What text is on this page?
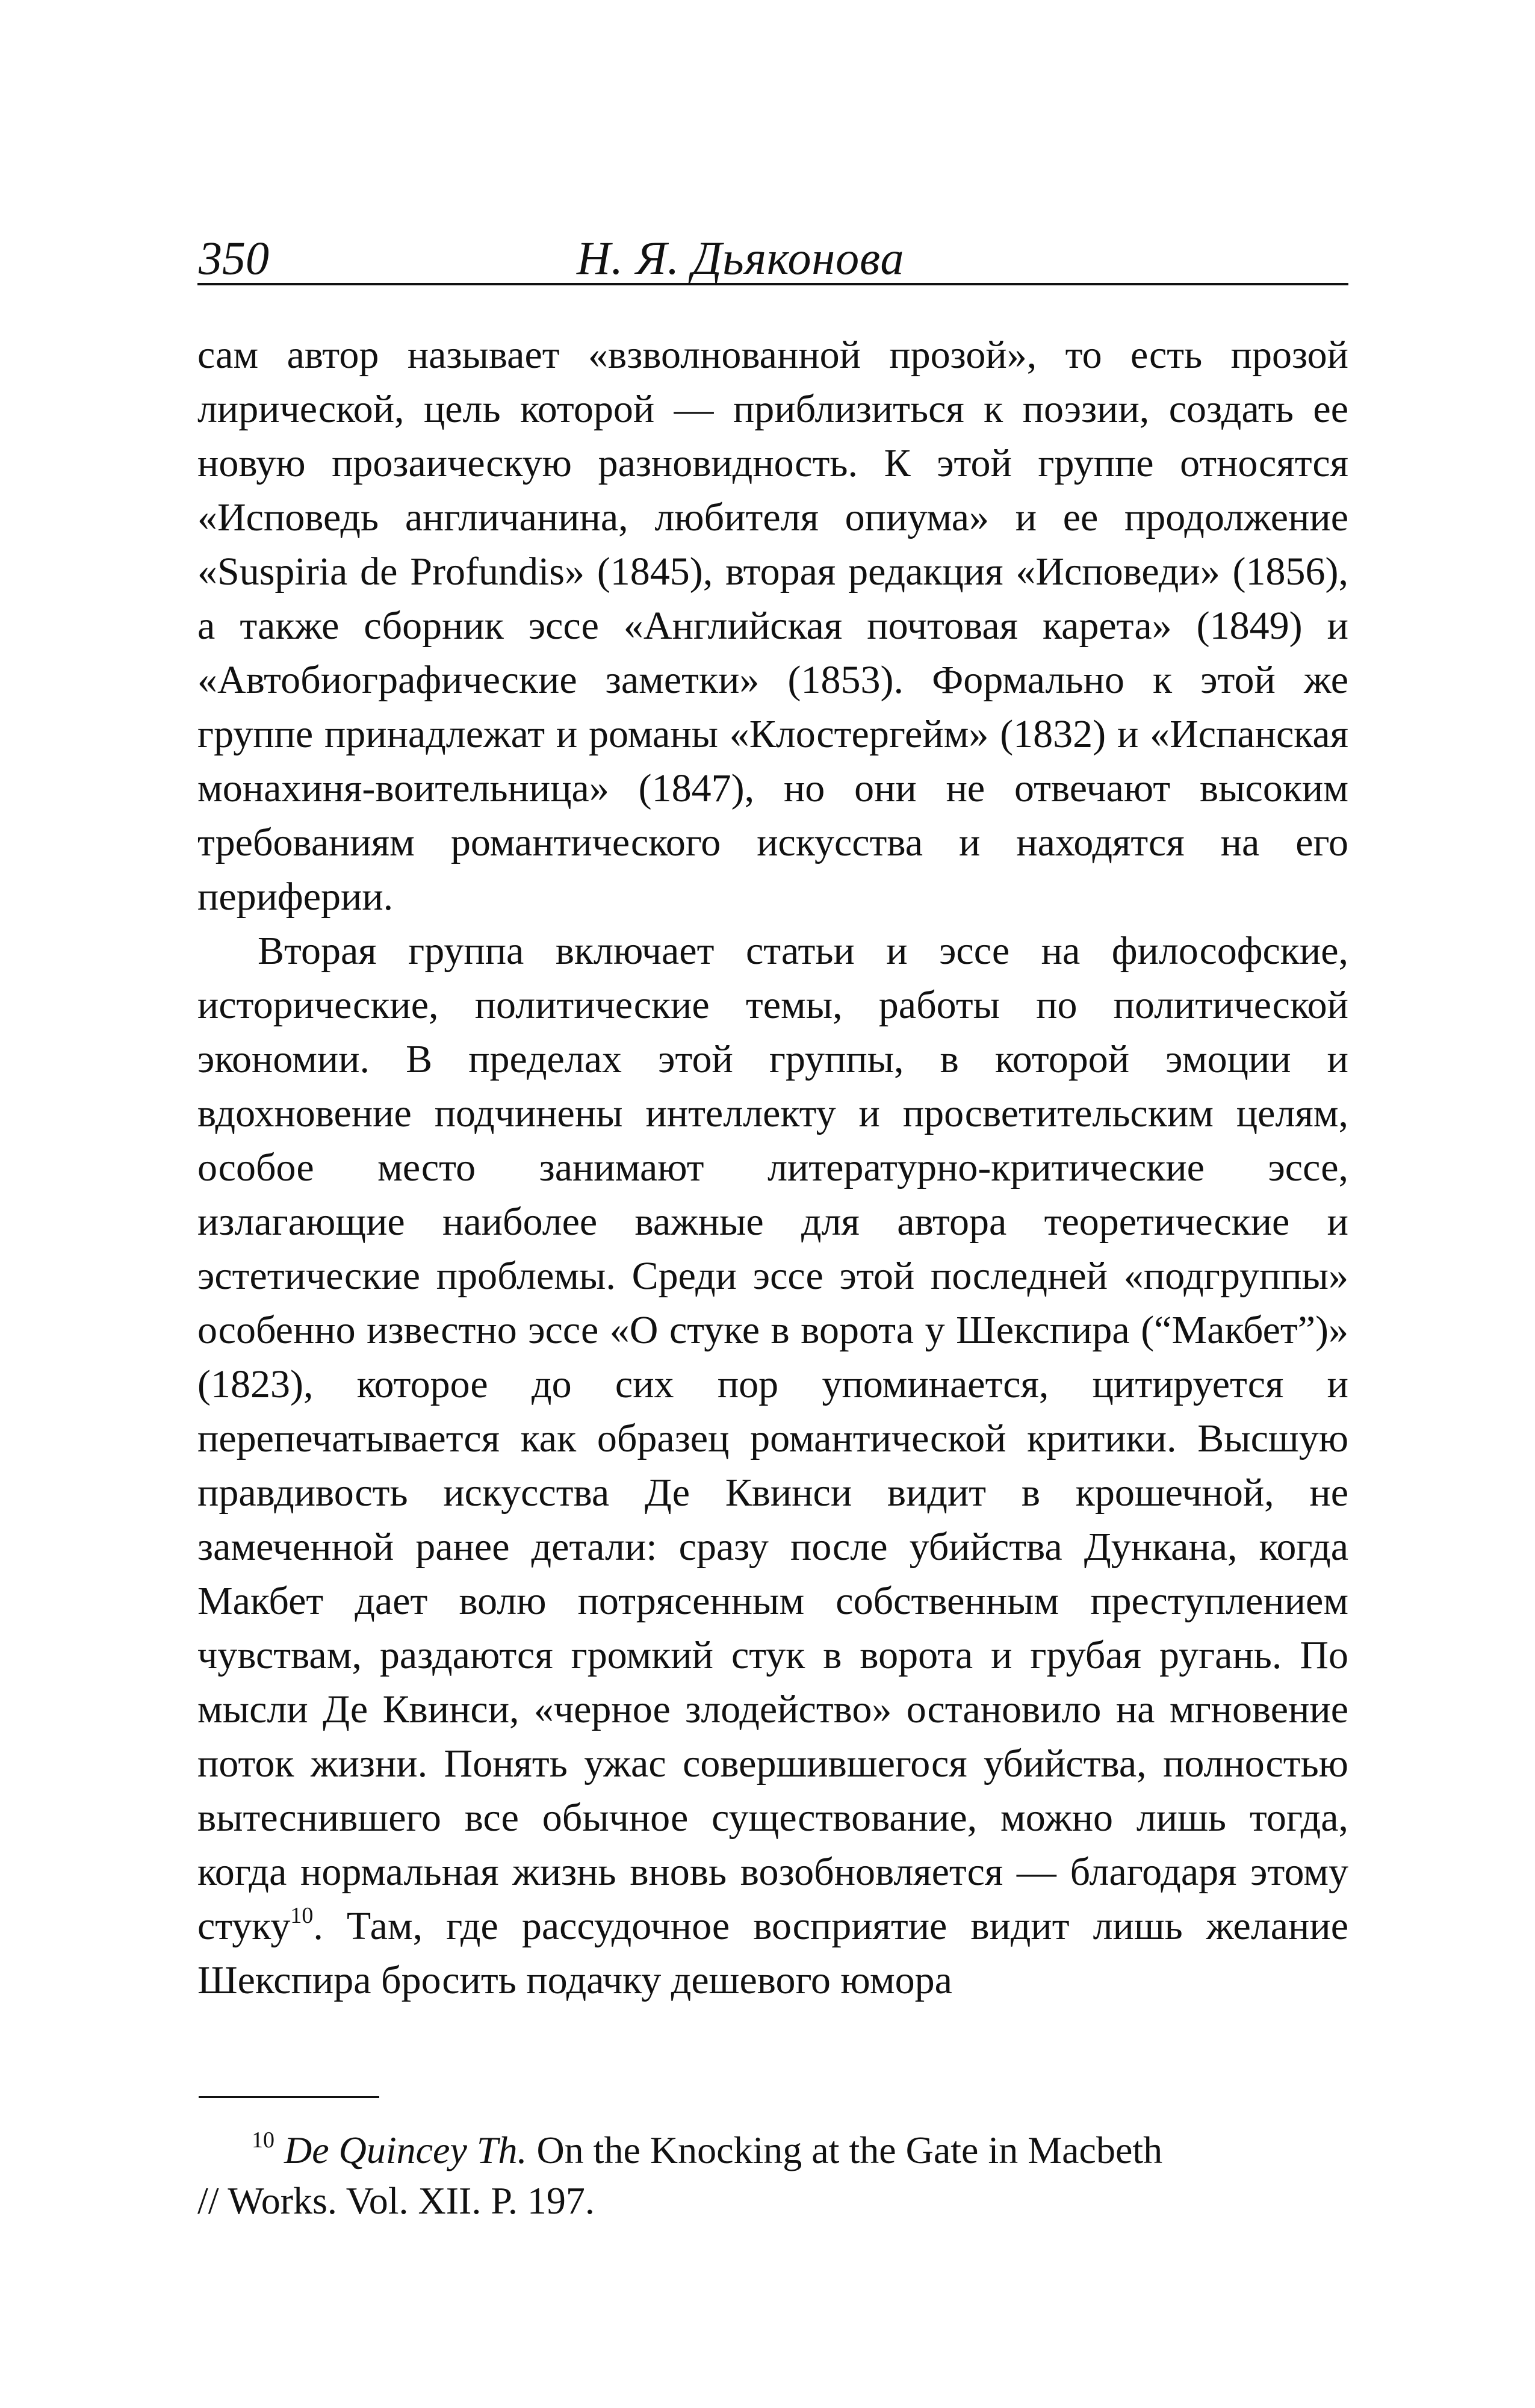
350	Н. Я. Дьяконова

сам автор называет «взволнованной прозой», то есть прозой лирической, цель которой — приблизиться к поэзии, создать ее новую прозаическую разновидность. К этой группе относятся «Исповедь англичанина, любителя опиума» и ее продолжение «Suspiria de Profundis» (1845), вторая редакция «Исповеди» (1856), а также сборник эссе «Английская почтовая карета» (1849) и «Автобиографические заметки» (1853). Формально к этой же группе принадлежат и романы «Клостергейм» (1832) и «Испанская монахиня-воительница» (1847), но они не отвечают высоким требованиям романтического искусства и находятся на его периферии.

Вторая группа включает статьи и эссе на философские, исторические, политические темы, работы по политической экономии. В пределах этой группы, в которой эмоции и вдохновение подчинены интеллекту и просветительским целям, особое место занимают литературно-критические эссе, излагающие наиболее важные для автора теоретические и эстетические проблемы. Среди эссе этой последней «подгруппы» особенно известно эссе «О стуке в ворота у Шекспира (“Макбет”)» (1823), которое до сих пор упоминается, цитируется и перепечатывается как образец романтической критики. Высшую правдивость искусства Де Квинси видит в крошечной, не замеченной ранее детали: сразу после убийства Дункана, когда Макбет дает волю потрясенным собственным преступлением чувствам, раздаются громкий стук в ворота и грубая ругань. По мысли Де Квинси, «черное злодейство» остановило на мгновение поток жизни. Понять ужас совершившегося убийства, полностью вытеснившего все обычное существование, можно лишь тогда, когда нормальная жизнь вновь возобновляется — благодаря этому стуку$^{10}$. Там, где рассудочное восприятие видит лишь желание Шекспира бросить подачку дешевого юмора

$^{10}$ De Quincey Th. On the Knocking at the Gate in Macbeth
// Works. Vol. XII. P. 197.
